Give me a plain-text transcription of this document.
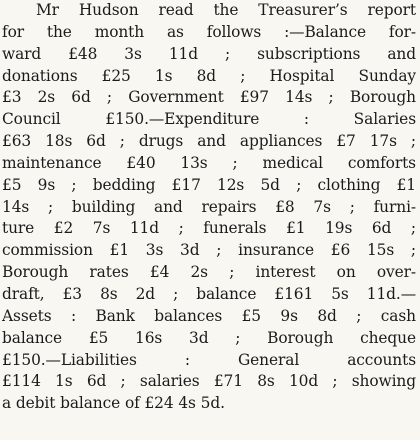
Mr Hudson read the Treasurer’s report
for the month as follows :—Balance for-
ward £48 3s 11d ; subscriptions and
donations £25 1s 8d ; Hospital Sunday
£3 2s 6d ; Government £97 14s ; Borough
Council £150.—Expenditure : Salaries
£63 18s 6d ; drugs and appliances £7 17s ;
maintenance £40 13s ; medical comforts
£5 9s ; bedding £17 12s 5d ; clothing £1
14s ; building and repairs £8 7s ; furni-
ture £2 7s 11d ; funerals £1 19s 6d ;
commission £1 3s 3d ; insurance £6 15s ;
Borough rates £4 2s ; interest on over-
draft, £3 8s 2d ; balance £161 5s 11d.—
Assets : Bank balances £5 9s 8d ; cash
balance £5 16s 3d ; Borough cheque
£150.—Liabilities : General accounts
£114 1s 6d ; salaries £71 8s 10d ; showing
a debit balance of £24 4s 5d.
